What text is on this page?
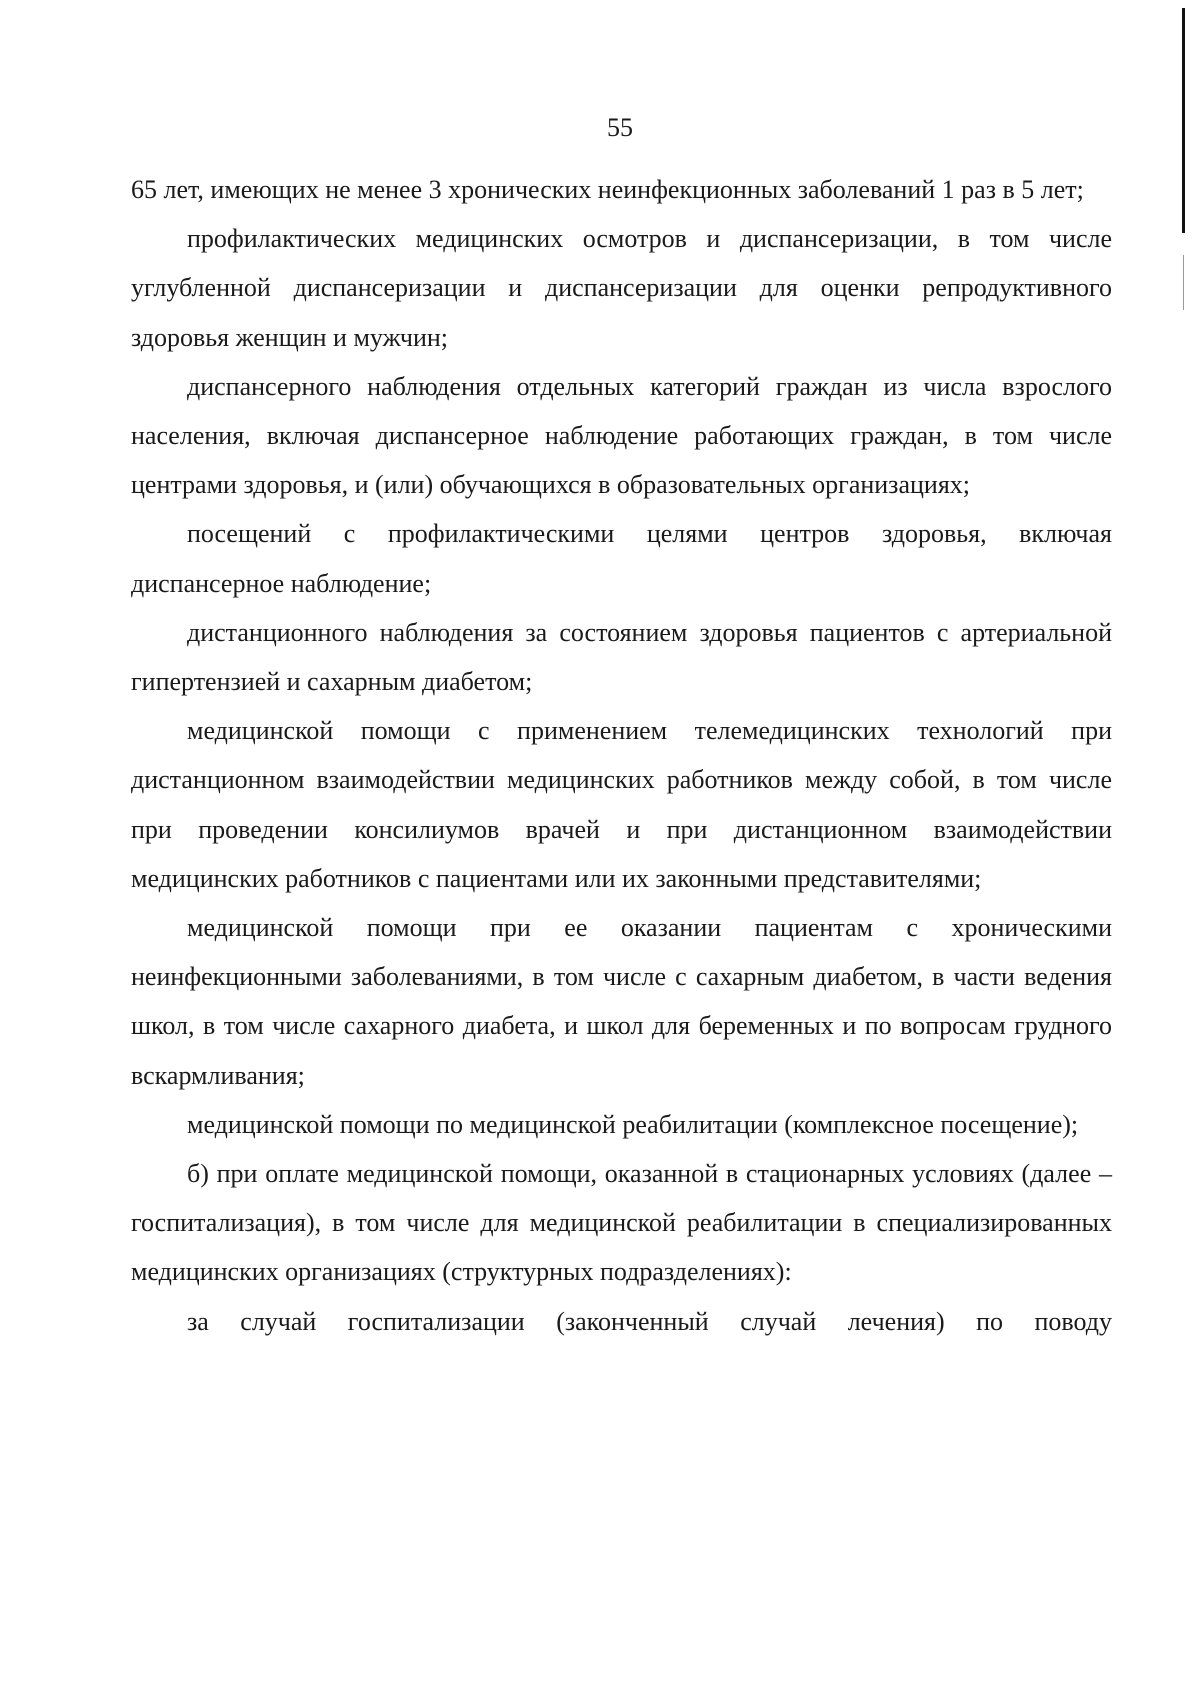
55

65 лет, имеющих не менее 3 хронических неинфекционных заболеваний 1 раз в 5 лет;

профилактических медицинских осмотров и диспансеризации, в том числе углубленной диспансеризации и диспансеризации для оценки репродуктивного здоровья женщин и мужчин;

диспансерного наблюдения отдельных категорий граждан из числа взрослого населения, включая диспансерное наблюдение работающих граждан, в том числе центрами здоровья, и (или) обучающихся в образовательных организациях;

посещений с профилактическими целями центров здоровья, включая диспансерное наблюдение;

дистанционного наблюдения за состоянием здоровья пациентов с артериальной гипертензией и сахарным диабетом;

медицинской помощи с применением телемедицинских технологий при дистанционном взаимодействии медицинских работников между собой, в том числе при проведении консилиумов врачей и при дистанционном взаимодействии медицинских работников с пациентами или их законными представителями;

медицинской помощи при ее оказании пациентам с хроническими неинфекционными заболеваниями, в том числе с сахарным диабетом, в части ведения школ, в том числе сахарного диабета, и школ для беременных и по вопросам грудного вскармливания;

медицинской помощи по медицинской реабилитации (комплексное посещение);

б) при оплате медицинской помощи, оказанной в стационарных условиях (далее – госпитализация), в том числе для медицинской реабилитации в специализированных медицинских организациях (структурных подразделениях):

за случай госпитализации (законченный случай лечения) по поводу
